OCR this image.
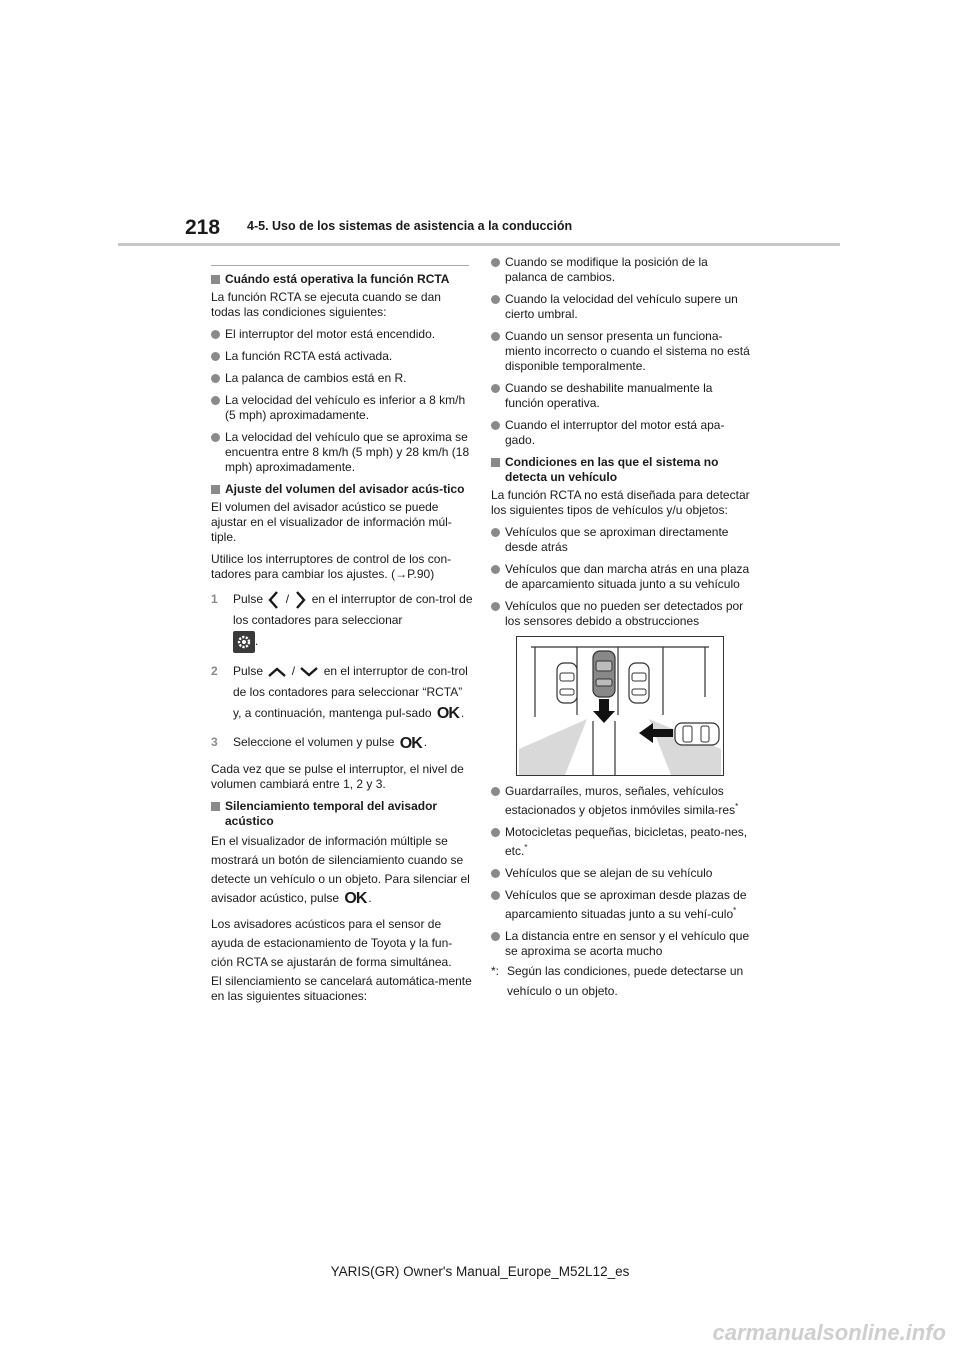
218 4-5. Uso de los sistemas de asistencia a la conducción
Cuándo está operativa la función RCTA

La función RCTA se ejecuta cuando se dan todas las condiciones siguientes:

El interruptor del motor está encendido.
La función RCTA está activada.
La palanca de cambios está en R.
La velocidad del vehículo es inferior a 8 km/h (5 mph) aproximadamente.
La velocidad del vehículo que se aproxima se encuentra entre 8 km/h (5 mph) y 28 km/h (18 mph) aproximadamente.
Ajuste del volumen del avisador acús-tico

El volumen del avisador acústico se puede ajustar en el visualizador de información múl-tiple.

Utilice los interruptores de control de los con-tadores para cambiar los ajustes. (→P.90)

1 Pulse / en el interruptor de con-trol de los contadores para seleccionar
.
2 Pulse / en el interruptor de con-trol de los contadores para seleccionar “RCTA” y, a continuación, mantenga pul-sado OK .
3 Seleccione el volumen y pulse OK .

Cada vez que se pulse el interruptor, el nivel de volumen cambiará entre 1, 2 y 3.

Silenciamiento temporal del avisador acústico

En el visualizador de información múltiple se mostrará un botón de silenciamiento cuando se detecte un vehículo o un objeto. Para silenciar el avisador acústico, pulse OK .

Los avisadores acústicos para el sensor de ayuda de estacionamiento de Toyota y la fun-ción RCTA se ajustarán de forma simultánea.

El silenciamiento se cancelará automática-mente en las siguientes situaciones:

Cuando se modifique la posición de la palanca de cambios.
Cuando la velocidad del vehículo supere un cierto umbral.
Cuando un sensor presenta un funciona-miento incorrecto o cuando el sistema no está disponible temporalmente.
Cuando se deshabilite manualmente la función operativa.
Cuando el interruptor del motor está apa-gado.
Condiciones en las que el sistema no detecta un vehículo

La función RCTA no está diseñada para detectar los siguientes tipos de vehículos y/u objetos:

Vehículos que se aproximan directamente desde atrás
Vehículos que dan marcha atrás en una plaza de aparcamiento situada junto a su vehículo
Vehículos que no pueden ser detectados por los sensores debido a obstrucciones
Guardarraíles, muros, señales, vehículos estacionados y objetos inmóviles simila-res*
Motocicletas pequeñas, bicicletas, peato-nes, etc.*
Vehículos que se alejan de su vehículo
Vehículos que se aproximan desde plazas de aparcamiento situadas junto a su vehí-culo*
La distancia entre en sensor y el vehículo que se aproxima se acorta mucho
*: Según las condiciones, puede detectarse un vehículo o un objeto.
YARIS(GR) Owner's Manual_Europe_M52L12_es
carmanualsonline.info
